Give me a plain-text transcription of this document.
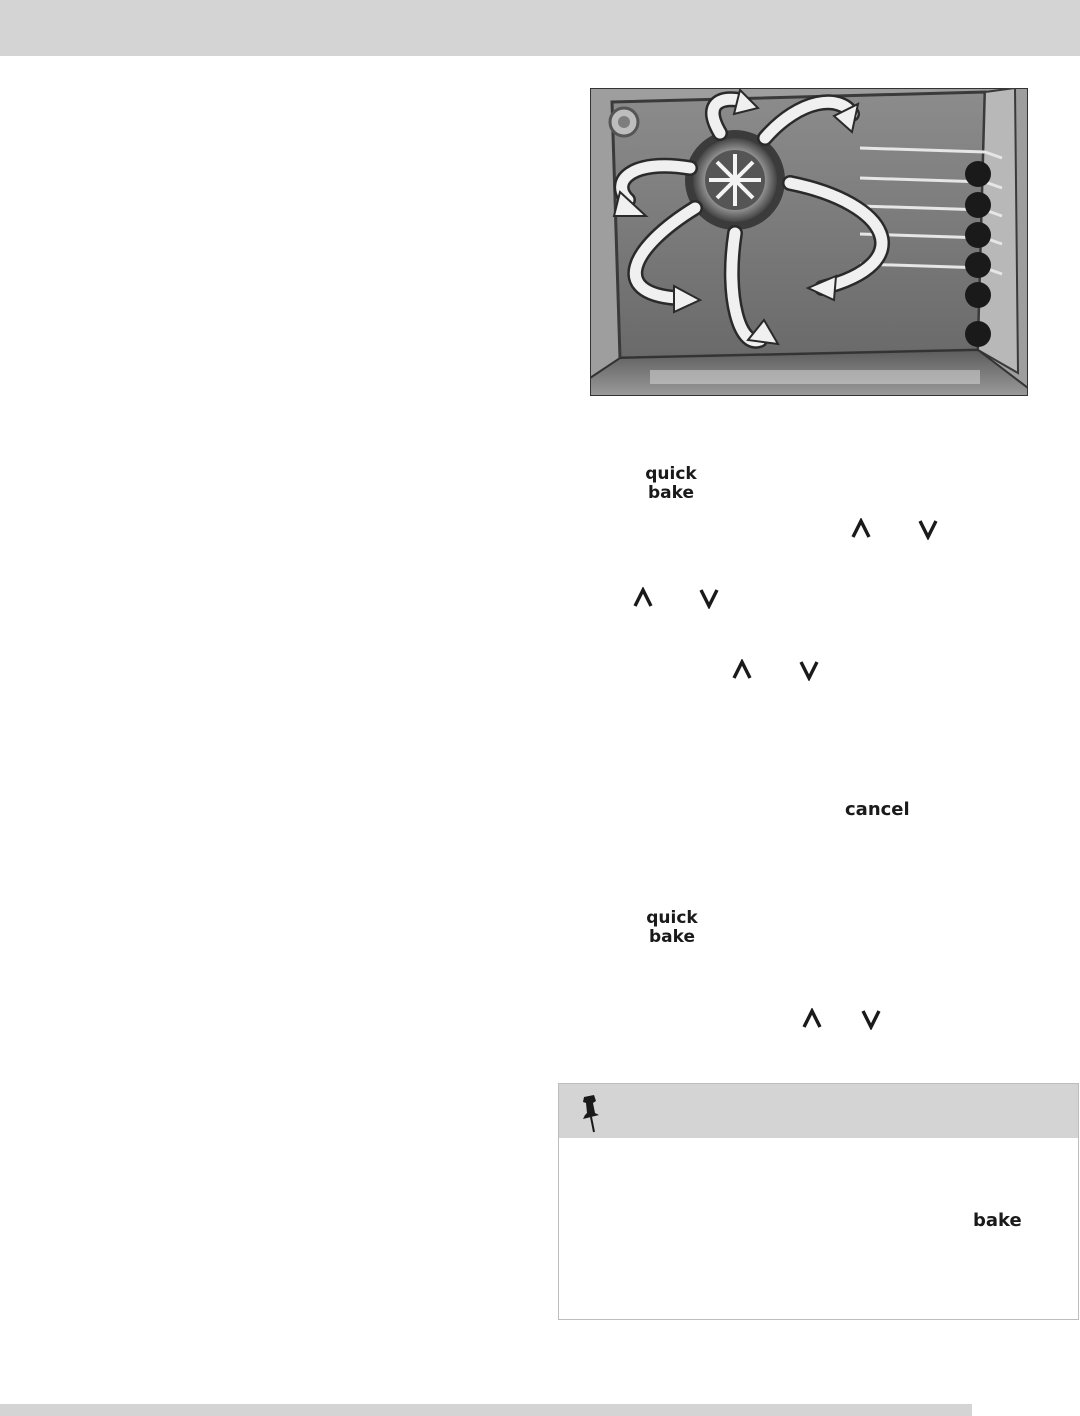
quick
bake
cancel
quick
bake
bake
